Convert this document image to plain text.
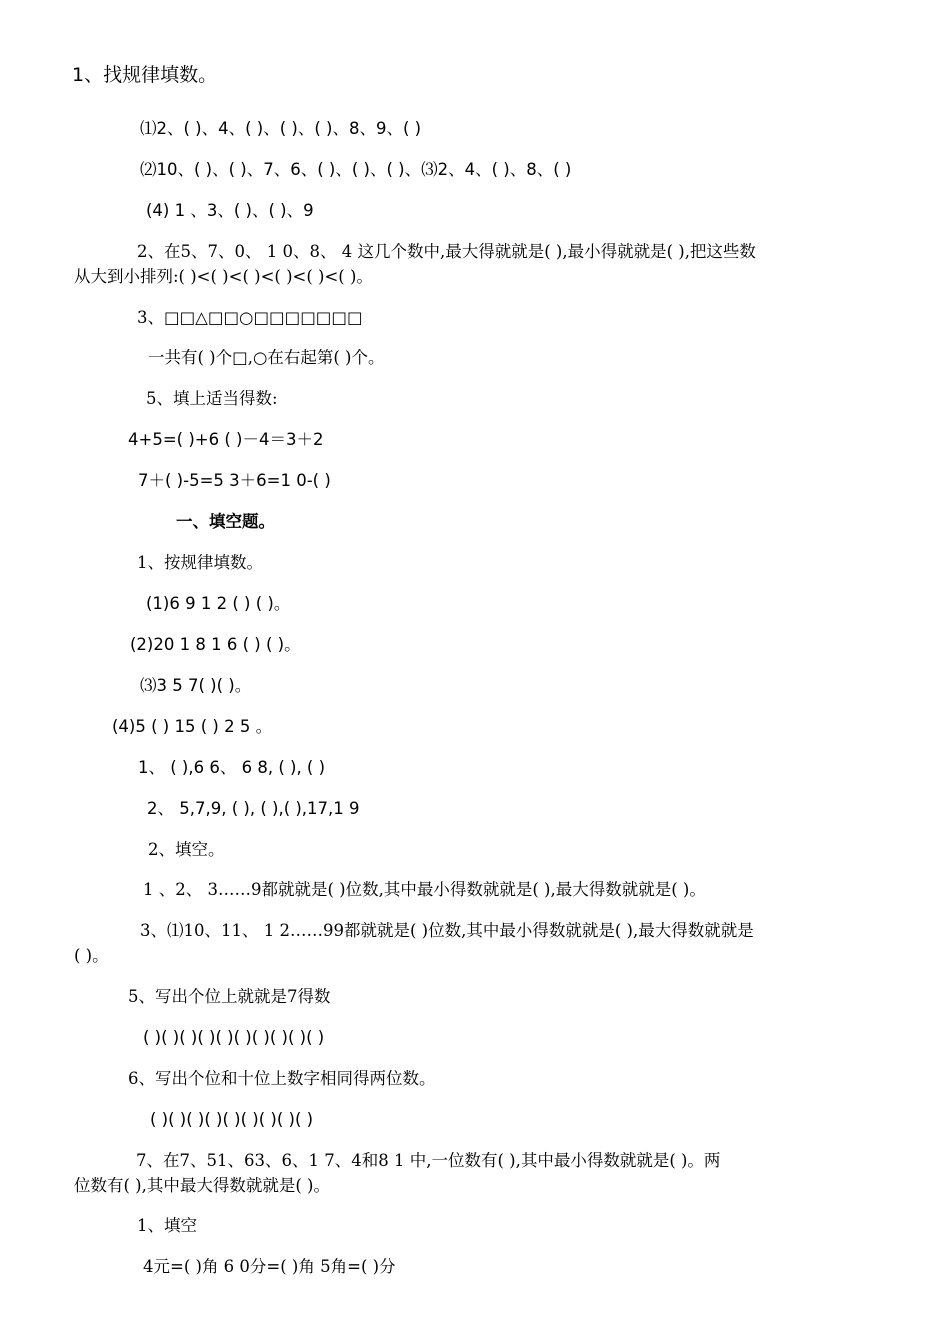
1、找规律填数。
⑴2、( )、4、( )、( )、( )、8、9、( )
⑵10、( )、( )、7、6、( )、( )、( )、⑶2、4、( )、8、( )
(4) 1 、3、( )、( )、9
2、在5、7、0、 1 0、8、 4 这几个数中,最大得就就是( ),最小得就就是( ),把这些数
从大到小排列:( )<( )<( )<( )<( )<( )。
3、□□△□□○□□□□□□□
一共有( )个□,○在右起第( )个。
5、填上适当得数:
4+5=( )+6 ( )－4＝3＋2
7＋( )-5=5 3＋6=1 0-( )
一、填空题。
1、按规律填数。
(1)6 9 1 2 ( ) ( )。
(2)20 1 8 1 6 ( ) ( )。
⑶3 5 7( )( )。
(4)5 ( ) 15 ( ) 2 5 。
1、 ( ),6 6、 6 8, ( ), ( )
2、 5,7,9, ( ), ( ),( ),17,1 9
2、填空。
1 、2、 3……9都就就是( )位数,其中最小得数就就是( ),最大得数就就是( )。
3、⑴10、11、 1 2……99都就就是( )位数,其中最小得数就就是( ),最大得数就就是
( )。
5、写出个位上就就是7得数
( )( )( )( )( )( )( )( )( )( )
6、写出个位和十位上数字相同得两位数。
( )( )( )( )( )( )( )( )( )
7、在7、51、63、6、1 7、4和8 1 中,一位数有( ),其中最小得数就就是( )。两
位数有( ),其中最大得数就就是( )。
1、填空
4元=( )角 6 0分=( )角 5角=( )分
